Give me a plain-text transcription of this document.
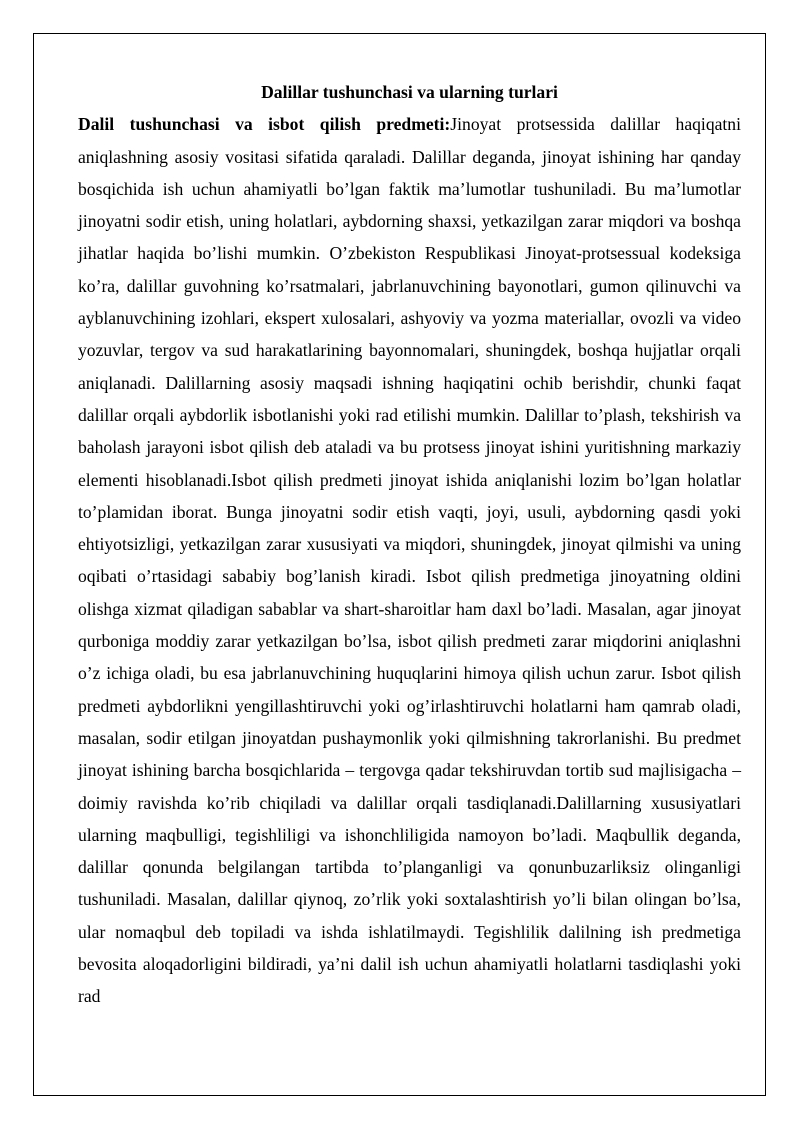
Dalillar tushunchasi va ularning turlari

Dalil tushunchasi va isbot qilish predmeti:Jinoyat protsessida dalillar haqiqatni aniqlashning asosiy vositasi sifatida qaraladi. Dalillar deganda, jinoyat ishining har qanday bosqichida ish uchun ahamiyatli bo’lgan faktik ma’lumotlar tushuniladi. Bu ma’lumotlar jinoyatni sodir etish, uning holatlari, aybdorning shaxsi, yetkazilgan zarar miqdori va boshqa jihatlar haqida bo’lishi mumkin. O’zbekiston Respublikasi Jinoyat-protsessual kodeksiga ko’ra, dalillar guvohning ko’rsatmalari, jabrlanuvchining bayonotlari, gumon qilinuvchi va ayblanuvchining izohlari, ekspert xulosalari, ashyoviy va yozma materiallar, ovozli va video yozuvlar, tergov va sud harakatlarining bayonnomalari, shuningdek, boshqa hujjatlar orqali aniqlanadi. Dalillarning asosiy maqsadi ishning haqiqatini ochib berishdir, chunki faqat dalillar orqali aybdorlik isbotlanishi yoki rad etilishi mumkin. Dalillar to’plash, tekshirish va baholash jarayoni isbot qilish deb ataladi va bu protsess jinoyat ishini yuritishning markaziy elementi hisoblanadi.Isbot qilish predmeti jinoyat ishida aniqlanishi lozim bo’lgan holatlar to’plamidan iborat. Bunga jinoyatni sodir etish vaqti, joyi, usuli, aybdorning qasdi yoki ehtiyotsizligi, yetkazilgan zarar xususiyati va miqdori, shuningdek, jinoyat qilmishi va uning oqibati o’rtasidagi sababiy bog’lanish kiradi. Isbot qilish predmetiga jinoyatning oldini olishga xizmat qiladigan sabablar va shart-sharoitlar ham daxl bo’ladi. Masalan, agar jinoyat qurboniga moddiy zarar yetkazilgan bo’lsa, isbot qilish predmeti zarar miqdorini aniqlashni o’z ichiga oladi, bu esa jabrlanuvchining huquqlarini himoya qilish uchun zarur. Isbot qilish predmeti aybdorlikni yengillashtiruvchi yoki og’irlashtiruvchi holatlarni ham qamrab oladi, masalan, sodir etilgan jinoyatdan pushaymonlik yoki qilmishning takrorlanishi. Bu predmet jinoyat ishining barcha bosqichlarida – tergovga qadar tekshiruvdan tortib sud majlisigacha – doimiy ravishda ko’rib chiqiladi va dalillar orqali tasdiqlanadi.Dalillarning xususiyatlari ularning maqbulligi, tegishliligi va ishonchliligida namoyon bo’ladi. Maqbullik deganda, dalillar qonunda belgilangan tartibda to’planganligi va qonunbuzarliksiz olinganligi tushuniladi. Masalan, dalillar qiynoq, zo’rlik yoki soxtalashtirish yo’li bilan olingan bo’lsa, ular nomaqbul deb topiladi va ishda ishlatilmaydi. Tegishlilik dalilning ish predmetiga bevosita aloqadorligini bildiradi, ya’ni dalil ish uchun ahamiyatli holatlarni tasdiqlashi yoki rad
